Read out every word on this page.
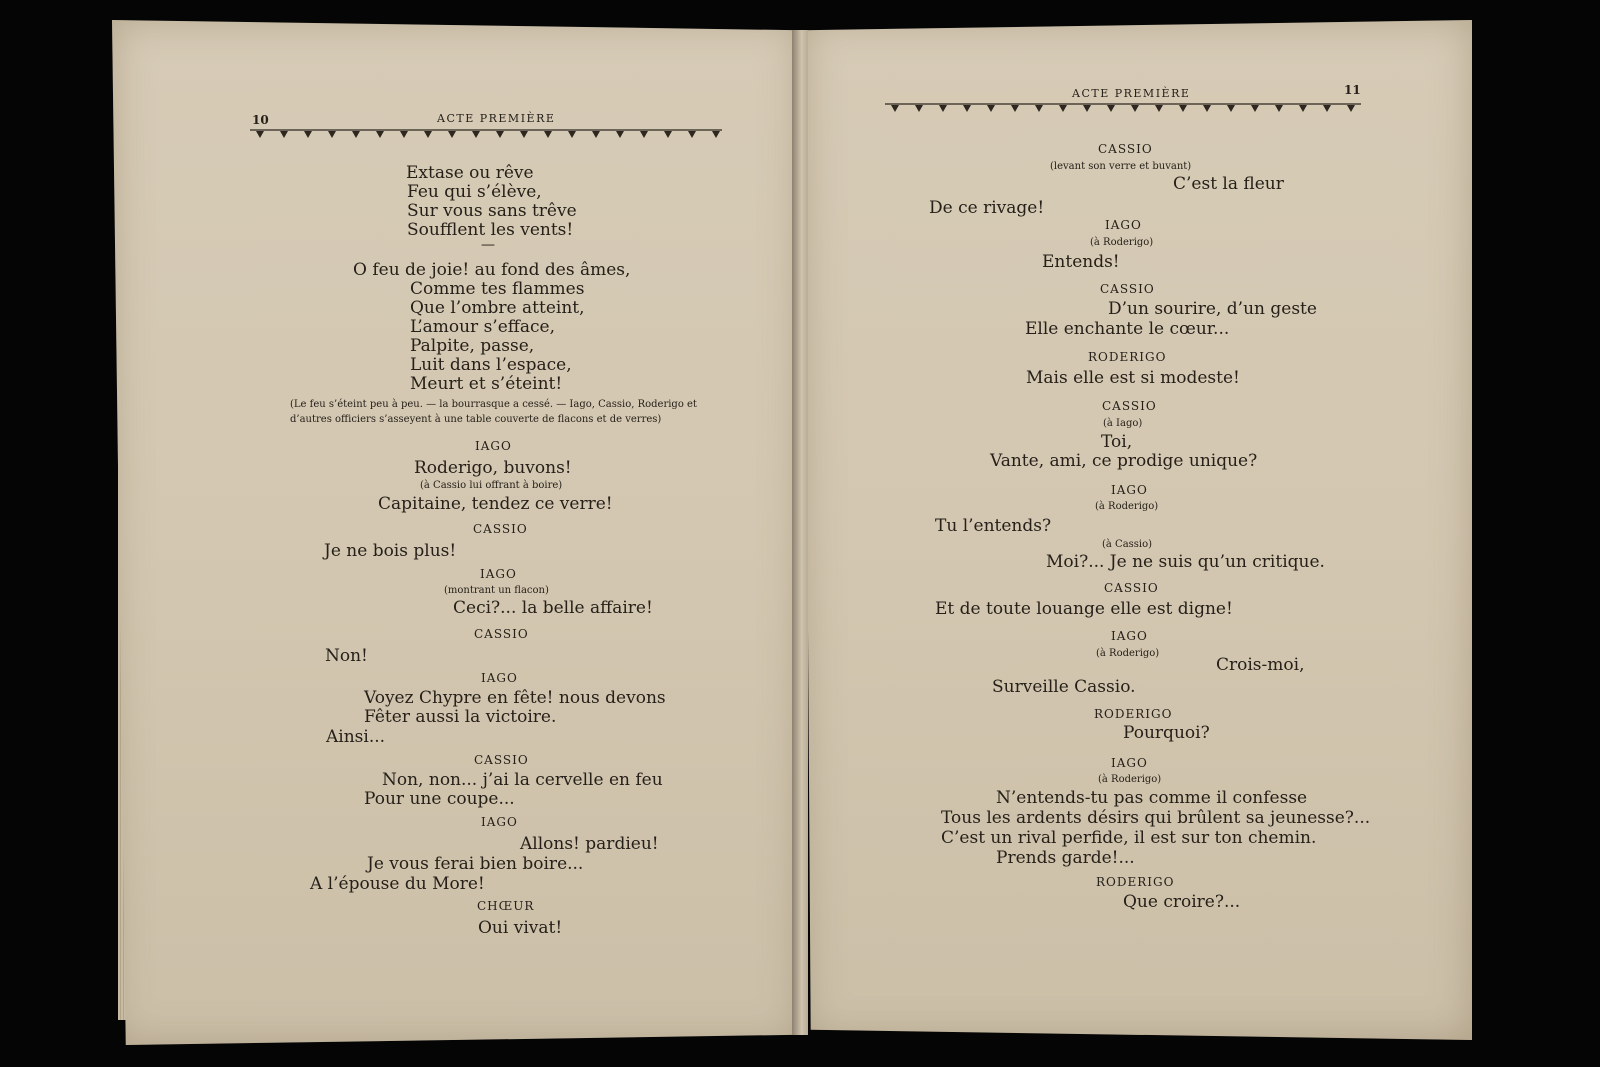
10	ACTE PREMIÈRE
Extase ou rêve
Feu qui s’élève,
Sur vous sans trêve
Soufflent les vents!
—
O feu de joie! au fond des âmes,
Comme tes flammes
Que l’ombre atteint,
L’amour s’efface,
Palpite, passe,
Luit dans l’espace,
Meurt et s’éteint!
(Le feu s’éteint peu à peu. — la bourrasque a cessé. — Iago, Cassio, Roderigo et
d’autres officiers s’asseyent à une table couverte de flacons et de verres)
IAGO
Roderigo, buvons!
(à Cassio lui offrant à boire)
Capitaine, tendez ce verre!
CASSIO
Je ne bois plus!
IAGO
(montrant un flacon)
Ceci?... la belle affaire!
CASSIO
Non!
IAGO
Voyez Chypre en fête! nous devons
Fêter aussi la victoire.
Ainsi...
CASSIO
Non, non... j’ai la cervelle en feu
Pour une coupe...
IAGO
Allons! pardieu!
Je vous ferai bien boire...
A l’épouse du More!
CHŒUR
Oui vivat!
ACTE PREMIÈRE	11
CASSIO
(levant son verre et buvant)
C’est la fleur
De ce rivage!
IAGO
(à Roderigo)
Entends!
CASSIO
D’un sourire, d’un geste
Elle enchante le cœur...
RODERIGO
Mais elle est si modeste!
CASSIO
(à Iago)
Toi,
Vante, ami, ce prodige unique?
IAGO
(à Roderigo)
Tu l’entends?
(à Cassio)
Moi?... Je ne suis qu’un critique.
CASSIO
Et de toute louange elle est digne!
IAGO
(à Roderigo)
Crois-moi,
Surveille Cassio.
RODERIGO
Pourquoi?
IAGO
(à Roderigo)
N’entends-tu pas comme il confesse
Tous les ardents désirs qui brûlent sa jeunesse?...
C’est un rival perfide, il est sur ton chemin.
Prends garde!...
RODERIGO
Que croire?...
